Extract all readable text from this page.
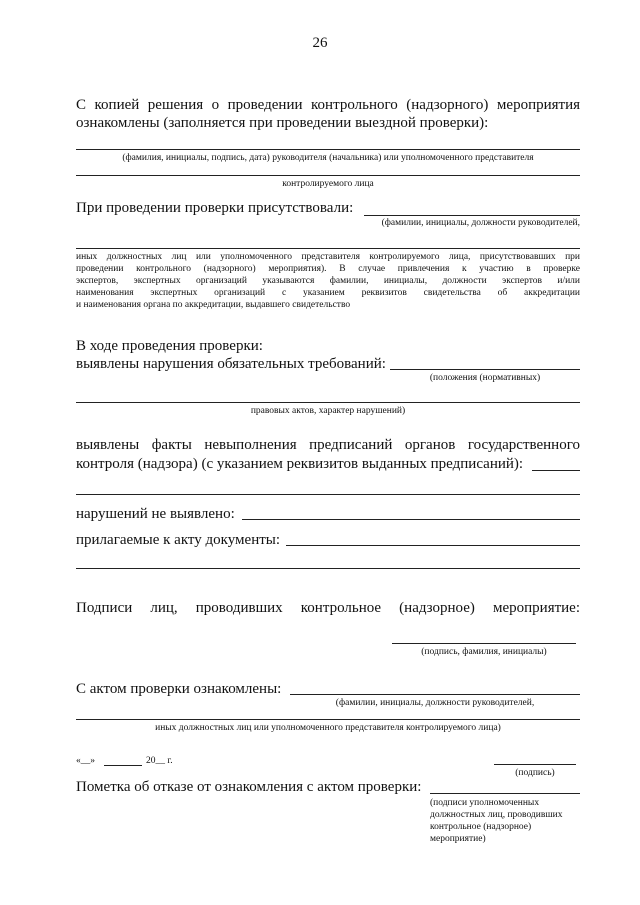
26
С копией решения о проведении контрольного (надзорного) мероприятия
ознакомлены (заполняется при проведении выездной проверки):
(фамилия, инициалы, подпись, дата) руководителя (начальника) или уполномоченного представителя
контролируемого лица
При проведении проверки присутствовали:
(фамилии, инициалы, должности руководителей,
иных должностных лиц или уполномоченного представителя контролируемого лица, присутствовавших при
проведении контрольного (надзорного) мероприятия). В случае привлечения к участию в проверке
экспертов, экспертных организаций указываются фамилии, инициалы, должности экспертов и/или
наименования экспертных организаций с указанием реквизитов свидетельства об аккредитации
и наименования органа по аккредитации, выдавшего свидетельство
В ходе проведения проверки:
выявлены нарушения обязательных требований:
(положения (нормативных)
правовых актов, характер нарушений)
выявлены факты невыполнения предписаний органов государственного
контроля (надзора) (с указанием реквизитов выданных предписаний):
нарушений не выявлено:
прилагаемые к акту документы:
Подписи лиц, проводивших контрольное (надзорное) мероприятие:
(подпись, фамилия, инициалы)
С актом проверки ознакомлены:
(фамилии, инициалы, должности руководителей,
иных должностных лиц или уполномоченного представителя контролируемого лица)
«__»	20__ г.
(подпись)
Пометка об отказе от ознакомления с актом проверки:
(подписи уполномоченных
должностных лиц, проводивших
контрольное (надзорное)
мероприятие)
